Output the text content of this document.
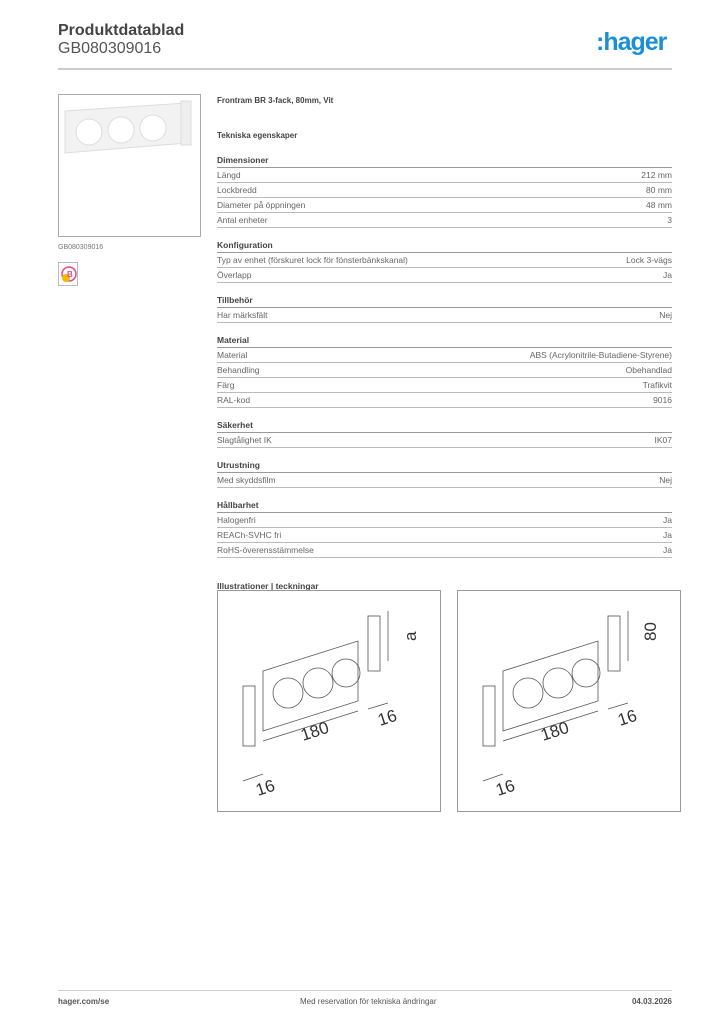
Produktdatablad
GB080309016	:hager
GB080309016
B
Frontram BR 3-fack, 80mm, Vit
Tekniska egenskaper
Dimensioner
Längd	212 mm
Lockbredd	80 mm
Diameter på öppningen	48 mm
Antal enheter	3
Konfiguration
Typ av enhet (förskuret lock för fönsterbänkskanal)	Lock 3-vägs
Överlapp	Ja
Tillbehör
Har märksfält	Nej
Material
Material	ABS (Acrylonitrile-Butadiene-Styrene)
Behandling	Obehandlad
Färg	Trafikvit
RAL-kod	9016
Säkerhet
Slagtålighet IK	IK07
Utrustning
Med skyddsfilm	Nej
Hållbarhet
Halogenfri	Ja
REACh-SVHC fri	Ja
RoHS-överensstämmelse	Ja
Illustrationer | teckningar
180
16
16
a
180
16
16
80
hager.com/se	Med reservation för tekniska ändringar	04.03.2026
